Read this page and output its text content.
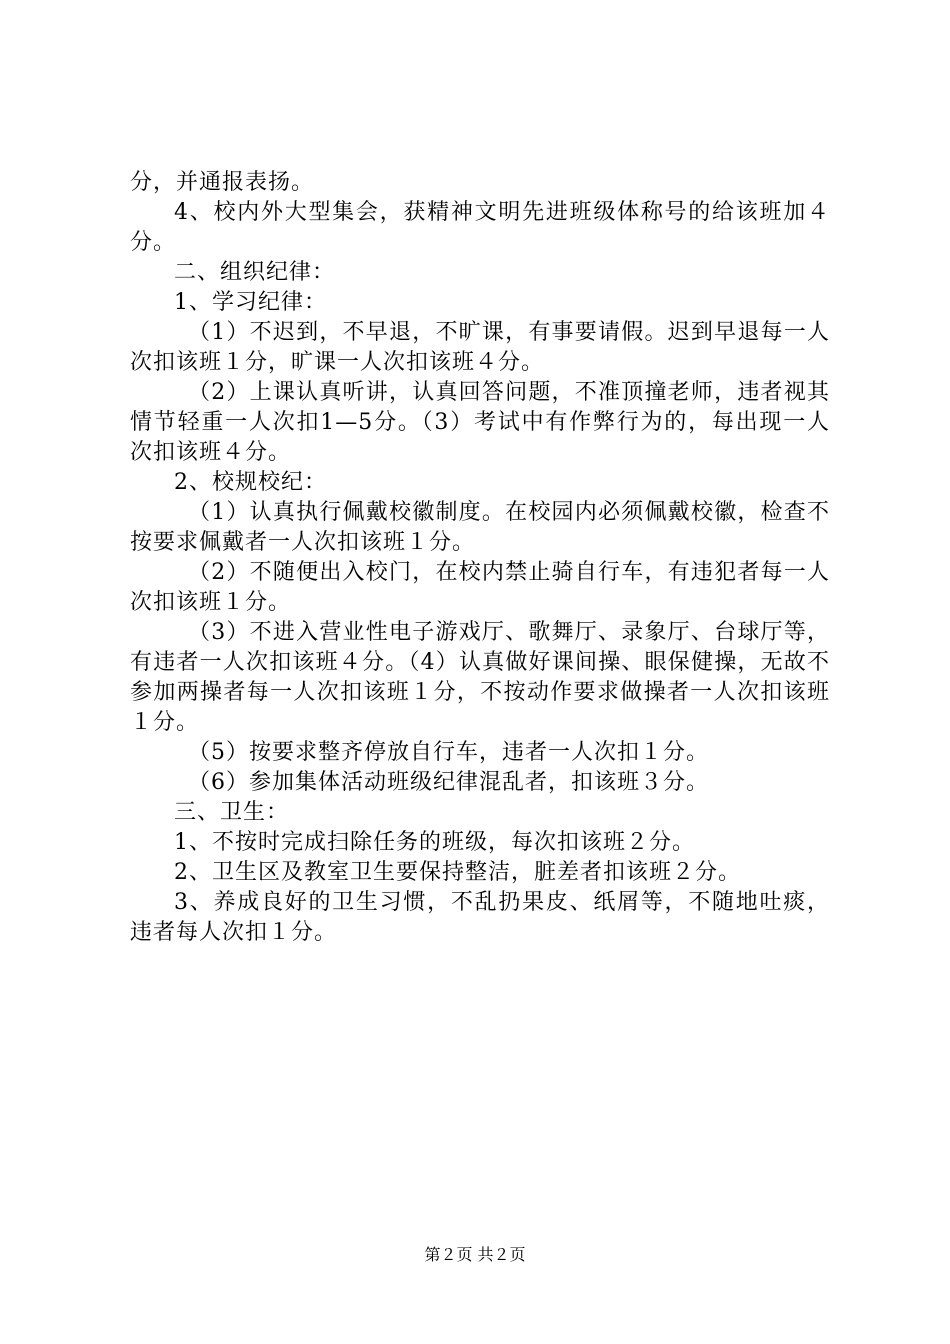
分，并通报表扬。

4、校内外大型集会，获精神文明先进班级体称号的给该班加４分。

二、组织纪律：

1、学习纪律：

（1）不迟到，不早退，不旷课，有事要请假。迟到早退每一人次扣该班１分，旷课一人次扣该班４分。

（2）上课认真听讲，认真回答问题，不准顶撞老师，违者视其情节轻重一人次扣1—5分。（3）考试中有作弊行为的，每出现一人次扣该班４分。

2、校规校纪：

（1）认真执行佩戴校徽制度。在校园内必须佩戴校徽，检查不按要求佩戴者一人次扣该班１分。

（2）不随便出入校门，在校内禁止骑自行车，有违犯者每一人次扣该班１分。

（3）不进入营业性电子游戏厅、歌舞厅、录象厅、台球厅等，有违者一人次扣该班４分。（4）认真做好课间操、眼保健操，无故不参加两操者每一人次扣该班１分，不按动作要求做操者一人次扣该班１分。

（5）按要求整齐停放自行车，违者一人次扣１分。

（6）参加集体活动班级纪律混乱者，扣该班３分。

三、卫生：

1、不按时完成扫除任务的班级，每次扣该班２分。

2、卫生区及教室卫生要保持整洁，脏差者扣该班２分。

3、养成良好的卫生习惯，不乱扔果皮、纸屑等，不随地吐痰，违者每人次扣１分。

第２页 共２页
